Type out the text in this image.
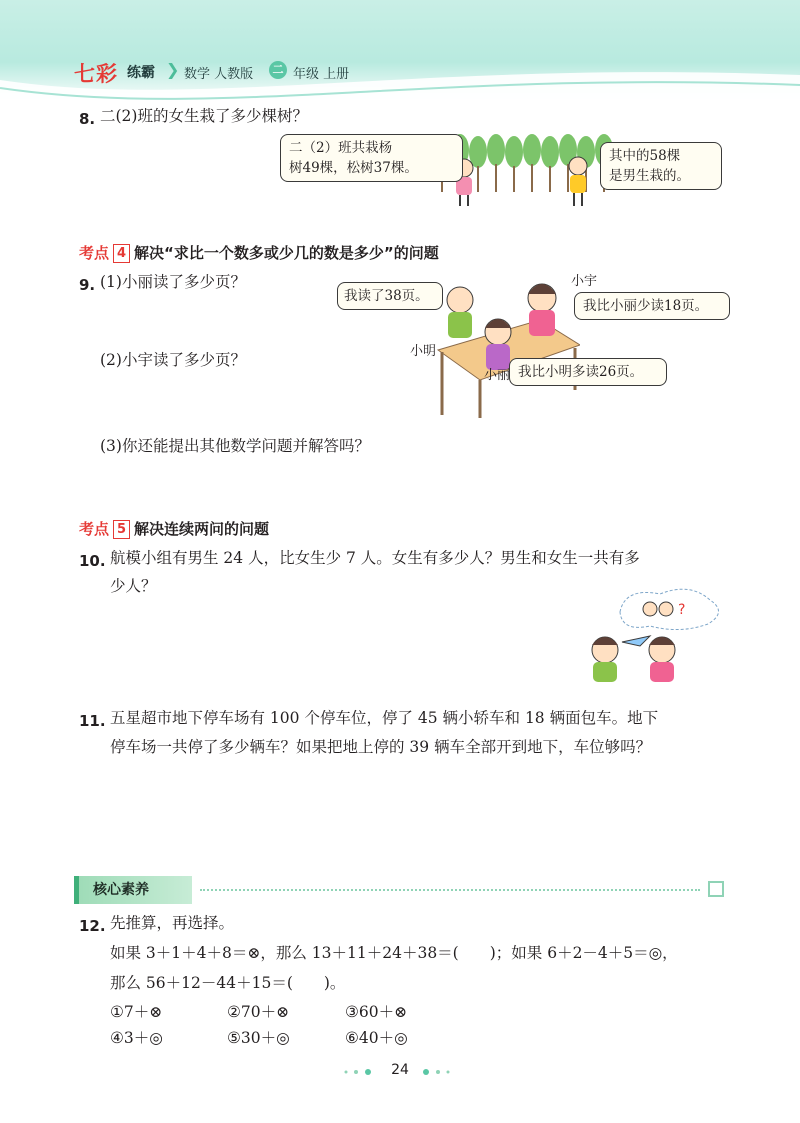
七彩 练霸 ❯ 数学 人教版	二 年级 上册
8. 二(2)班的女生栽了多少棵树？
二（2）班共栽杨
树49棵，松树37棵。
其中的58棵
是男生栽的。
考点 4 解决“求比一个数多或少几的数是多少”的问题
9. (1)小丽读了多少页？
(2)小宇读了多少页？
(3)你还能提出其他数学问题并解答吗？
我读了38页。
我比小丽少读18页。
我比小明多读26页。
小宇
小明
小丽
考点 5 解决连续两问的问题
10. 航模小组有男生 24 人，比女生少 7 人。女生有多少人？男生和女生一共有多
少人？
?
11. 五星超市地下停车场有 100 个停车位，停了 45 辆小轿车和 18 辆面包车。地下
停车场一共停了多少辆车？如果把地上停的 39 辆车全部开到地下，车位够吗？
核心素养
12. 先推算，再选择。
如果 3＋1＋4＋8＝⊗，那么 13＋11＋24＋38＝(　　)；如果 6＋2－4＋5＝◎，
那么 56＋12－44＋15＝(　　)。
①7＋⊗	②70＋⊗	③60＋⊗
④3＋◎	⑤30＋◎	⑥40＋◎
24
